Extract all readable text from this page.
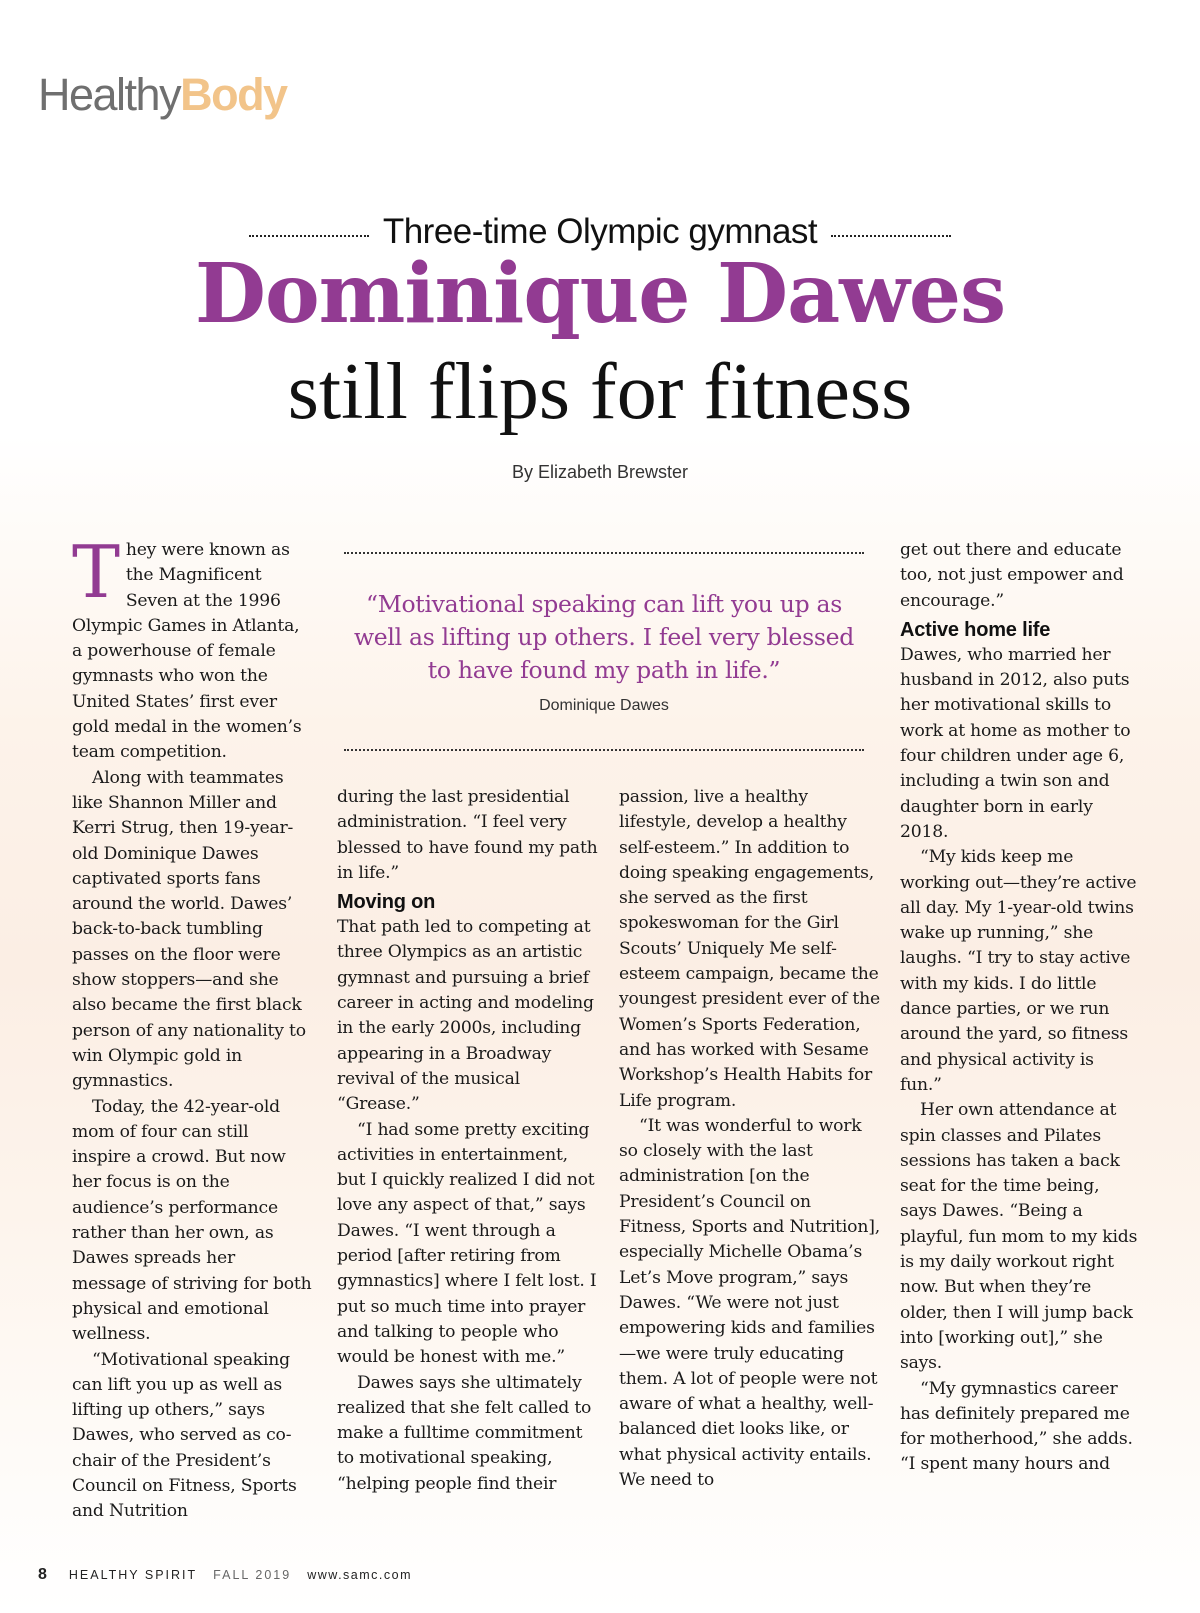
HealthyBody
Three-time Olympic gymnast
Dominique Dawes
still flips for fitness
By Elizabeth Brewster
T hey were known as the Magnificent Seven at the 1996 Olympic Games in Atlanta, a powerhouse of female gymnasts who won the United States’ first ever gold medal in the women’s team competition.

Along with teammates like Shannon Miller and Kerri Strug, then 19-year-old Dominique Dawes captivated sports fans around the world. Dawes’ back-to-back tumbling passes on the floor were show stoppers—and she also became the first black person of any nationality to win Olympic gold in gymnastics.

Today, the 42-year-old mom of four can still inspire a crowd. But now her focus is on the audience’s performance rather than her own, as Dawes spreads her message of striving for both physical and emotional wellness.

“Motivational speaking can lift you up as well as lifting up others,” says Dawes, who served as co-chair of the President’s Council on Fitness, Sports and Nutrition

“Motivational speaking can lift you up as well as lifting up others. I feel very blessed to have found my path in life.”
Dominique Dawes

during the last presidential administration. “I feel very blessed to have found my path in life.”

Moving on

That path led to competing at three Olympics as an artistic gymnast and pursuing a brief career in acting and modeling in the early 2000s, including appearing in a Broadway revival of the musical “Grease.”

“I had some pretty exciting activities in entertainment, but I quickly realized I did not love any aspect of that,” says Dawes. “I went through a period [after retiring from gymnastics] where I felt lost. I put so much time into prayer and talking to people who would be honest with me.”

Dawes says she ultimately realized that she felt called to make a fulltime commitment to motivational speaking, “helping people find their

passion, live a healthy lifestyle, develop a healthy self-esteem.” In addition to doing speaking engagements, she served as the first spokeswoman for the Girl Scouts’ Uniquely Me self-esteem campaign, became the youngest president ever of the Women’s Sports Federation, and has worked with Sesame Workshop’s Health Habits for Life program.

“It was wonderful to work so closely with the last administration [on the President’s Council on Fitness, Sports and Nutrition], especially Michelle Obama’s Let’s Move program,” says Dawes. “We were not just empowering kids and families—we were truly educating them. A lot of people were not aware of what a healthy, well-balanced diet looks like, or what physical activity entails. We need to

get out there and educate too, not just empower and encourage.”

Active home life

Dawes, who married her husband in 2012, also puts her motivational skills to work at home as mother to four children under age 6, including a twin son and daughter born in early 2018.

“My kids keep me working out—they’re active all day. My 1-year-old twins wake up running,” she laughs. “I try to stay active with my kids. I do little dance parties, or we run around the yard, so fitness and physical activity is fun.”

Her own attendance at spin classes and Pilates sessions has taken a back seat for the time being, says Dawes. “Being a playful, fun mom to my kids is my daily workout right now. But when they’re older, then I will jump back into [working out],” she says.

“My gymnastics career has definitely prepared me for motherhood,” she adds. “I spent many hours and

8 HEALTHY SPIRIT FALL 2019 www.samc.com
